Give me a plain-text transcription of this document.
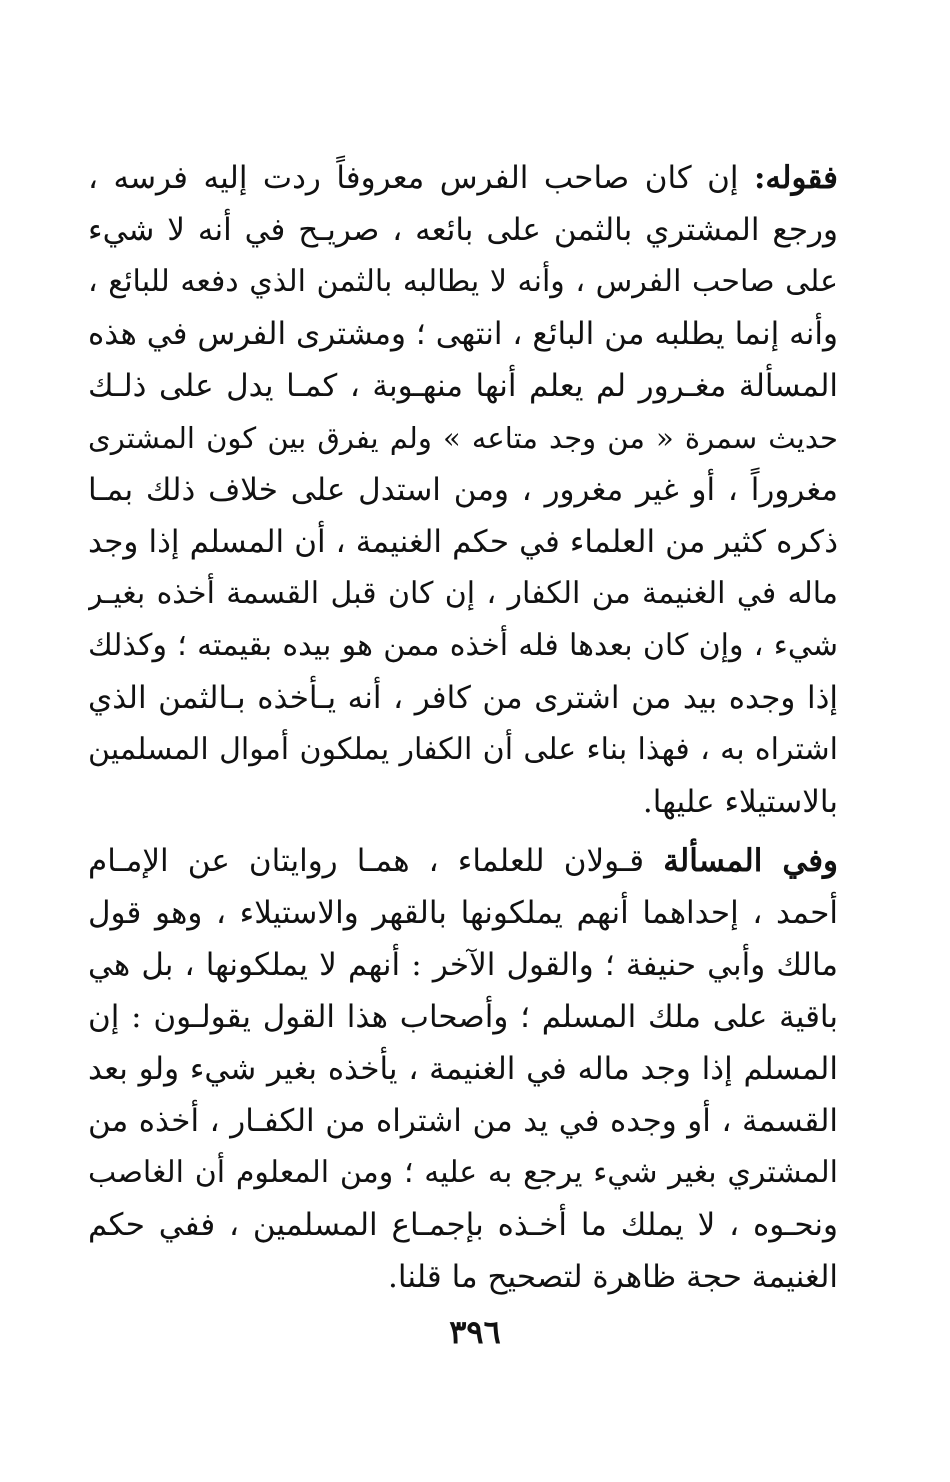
فقوله: إن كان صاحب الفرس معروفاً ردت إليه فرسه ،
ورجع المشتري بالثمن على بائعه ، صريـح في أنه لا شيء
على صاحب الفرس ، وأنه لا يطالبه بالثمن الذي دفعه للبائع ،
وأنه إنما يطلبه من البائع ، انتهى ؛ ومشترى الفرس في هذه
المسألة مغـرور لم يعلم أنها منهـوبة ، كمـا يدل على ذلـك
حديث سمرة « من وجد متاعه » ولم يفرق بين كون المشترى
مغروراً ، أو غير مغرور ، ومن استدل على خلاف ذلك بمـا
ذكره كثير من العلماء في حكم الغنيمة ، أن المسلم إذا وجد
ماله في الغنيمة من الكفار ، إن كان قبل القسمة أخذه بغيـر
شيء ، وإن كان بعدها فله أخذه ممن هو بيده بقيمته ؛ وكذلك
إذا وجده بيد من اشترى من كافر ، أنه يـأخذه بـالثمن الذي
اشتراه به ، فهذا بناء على أن الكفار يملكون أموال المسلمين
بالاستيلاء عليها.
وفي المسألة قـولان للعلماء ، همـا روايتان عن الإمـام
أحمد ، إحداهما أنهم يملكونها بالقهر والاستيلاء ، وهو قول
مالك وأبي حنيفة ؛ والقول الآخر : أنهم لا يملكونها ، بل هي
باقية على ملك المسلم ؛ وأصحاب هذا القول يقولـون : إن
المسلم إذا وجد ماله في الغنيمة ، يأخذه بغير شيء ولو بعد
القسمة ، أو وجده في يد من اشتراه من الكفـار ، أخذه من
المشتري بغير شيء يرجع به عليه ؛ ومن المعلوم أن الغاصب
ونحـوه ، لا يملك ما أخـذه بإجمـاع المسلمين ، ففي حكم
الغنيمة حجة ظاهرة لتصحيح ما قلنا.
٣٩٦
